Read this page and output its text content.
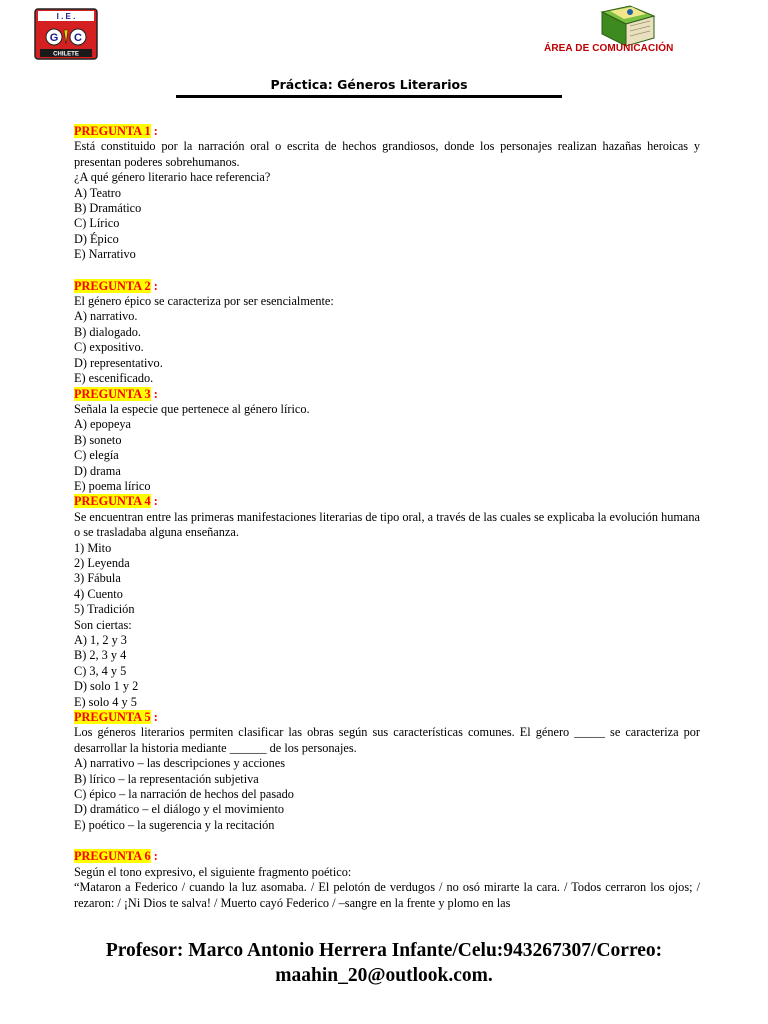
I . E .
G C
CHILETE
ÁREA DE COMUNICACIÓN
Práctica: Géneros Literarios

PREGUNTA 1 :

Está constituido por la narración oral o escrita de hechos grandiosos, donde los personajes realizan hazañas heroicas y presentan poderes sobrehumanos.

¿A qué género literario hace referencia?

A) Teatro

B) Dramático

C) Lírico

D) Épico

E) Narrativo

PREGUNTA 2 :

El género épico se caracteriza por ser esencialmente:

A) narrativo.

B) dialogado.

C) expositivo.

D) representativo.

E) escenificado.

PREGUNTA 3 :

Señala la especie que pertenece al género lírico.

A) epopeya

B) soneto

C) elegía

D) drama

E) poema lírico

PREGUNTA 4 :

Se encuentran entre las primeras manifestaciones literarias de tipo oral, a través de las cuales se explicaba la evolución humana o se trasladaba alguna enseñanza.

1) Mito

2) Leyenda

3) Fábula

4) Cuento

5) Tradición

Son ciertas:

A) 1, 2 y 3

B) 2, 3 y 4

C) 3, 4 y 5

D) solo 1 y 2

E) solo 4 y 5

PREGUNTA 5 :

Los géneros literarios permiten clasificar las obras según sus características comunes. El género _____ se caracteriza por desarrollar la historia mediante ______ de los personajes.

A) narrativo – las descripciones y acciones

B) lírico – la representación subjetiva

C) épico – la narración de hechos del pasado

D) dramático – el diálogo y el movimiento

E) poético – la sugerencia y la recitación

PREGUNTA 6 :

Según el tono expresivo, el siguiente fragmento poético:

“Mataron a Federico / cuando la luz asomaba. / El pelotón de verdugos / no osó mirarte la cara. / Todos cerraron los ojos; / rezaron: / ¡Ni Dios te salva! / Muerto cayó Federico / –sangre en la frente y plomo en las

Profesor: Marco Antonio Herrera Infante/Celu:943267307/Correo:
maahin_20@outlook.com.
